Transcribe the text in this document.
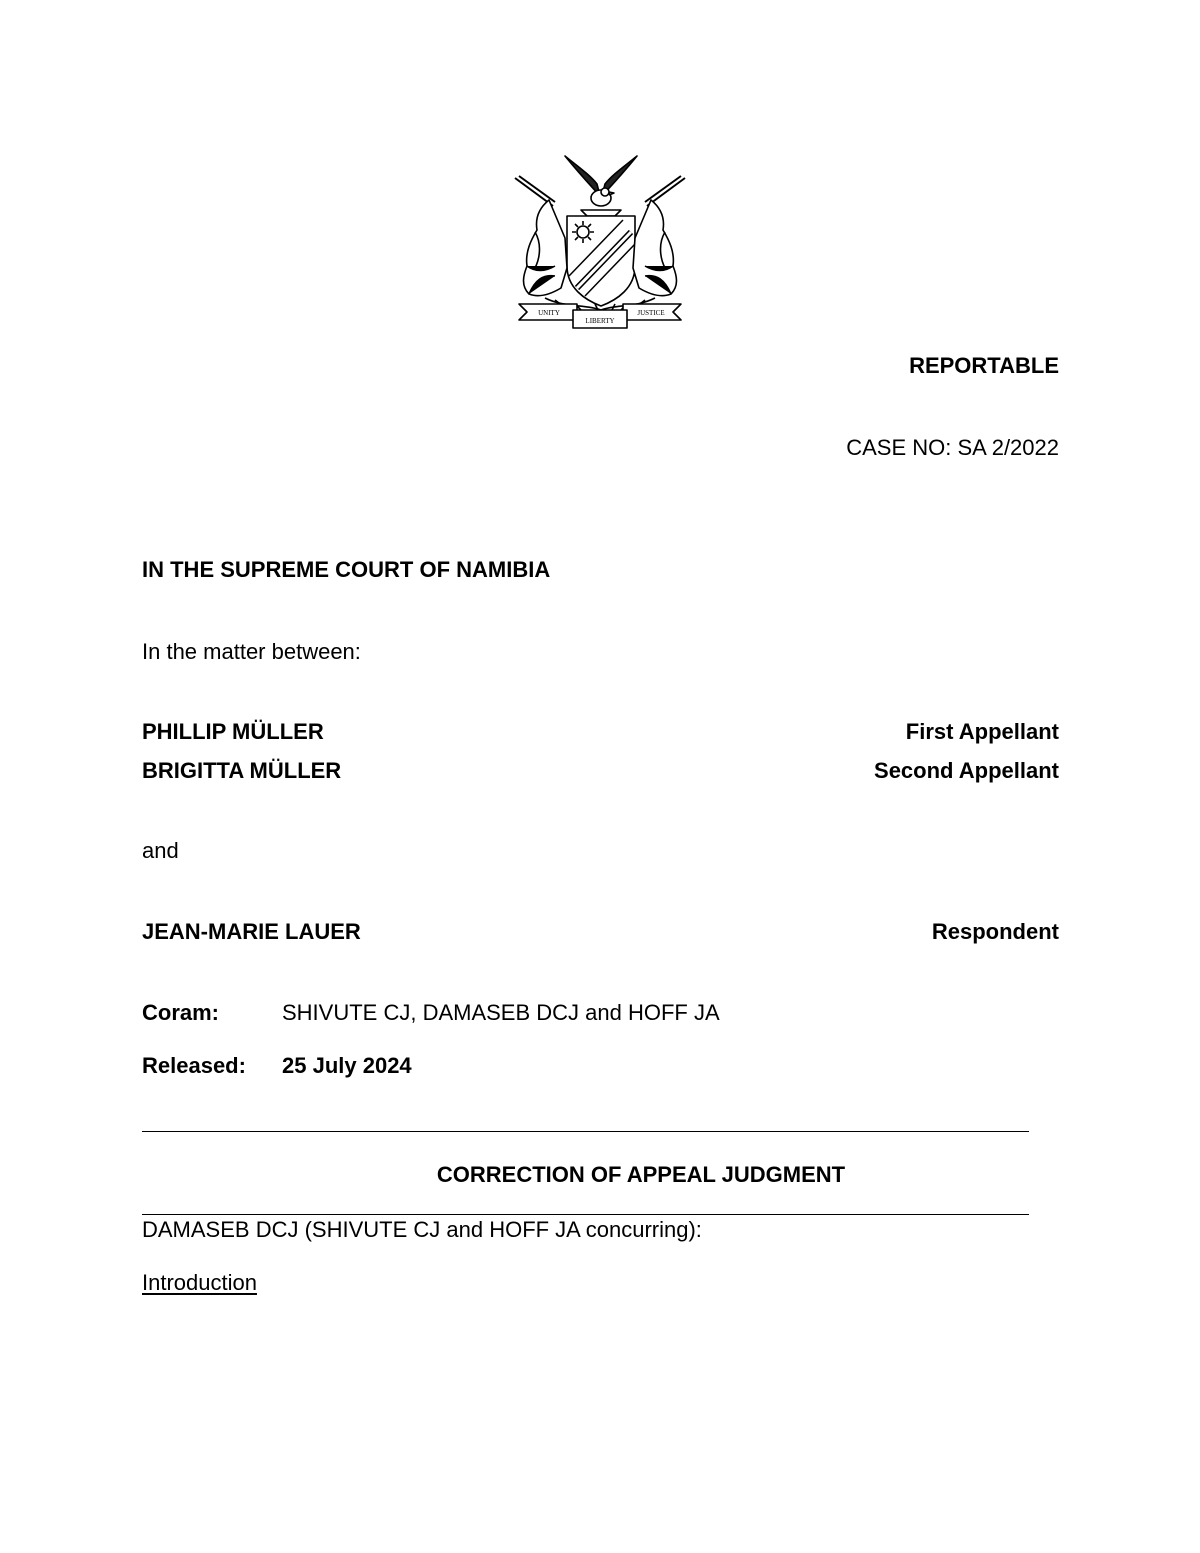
UNITY
LIBERTY
JUSTICE
REPORTABLE
CASE NO: SA 2/2022
IN THE SUPREME COURT OF NAMIBIA
In the matter between:
PHILLIP MÜLLER	First Appellant
BRIGITTA MÜLLER	Second Appellant
and
JEAN-MARIE LAUER	Respondent
Coram:	SHIVUTE CJ, DAMASEB DCJ and HOFF JA
Released: 25 July 2024
CORRECTION OF APPEAL JUDGMENT
DAMASEB DCJ (SHIVUTE CJ and HOFF JA concurring):
Introduction
